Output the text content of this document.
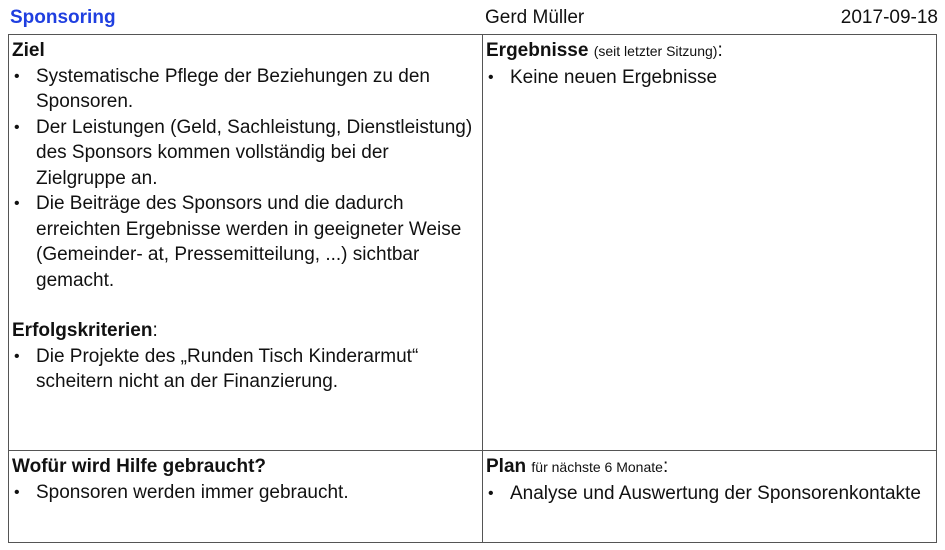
Sponsoring	Gerd Müller	2017-09-18
Ziel
• Systematische Pflege der Beziehungen zu den Sponsoren.
• Der Leistungen (Geld, Sachleistung, Dienstleistung) des Sponsors kommen vollständig bei der Zielgruppe an.
• Die Beiträge des Sponsors und die dadurch erreichten Ergebnisse werden in geeigneter Weise (Gemeinder- at, Pressemitteilung, ...) sichtbar gemacht.
Erfolgskriterien:
• Die Projekte des „Runden Tisch Kinderarmut“ scheitern nicht an der Finanzierung.
Ergebnisse (seit letzter Sitzung):
• Keine neuen Ergebnisse
Wofür wird Hilfe gebraucht?
• Sponsoren werden immer gebraucht.
Plan für nächste 6 Monate:
• Analyse und Auswertung der Sponsorenkontakte
